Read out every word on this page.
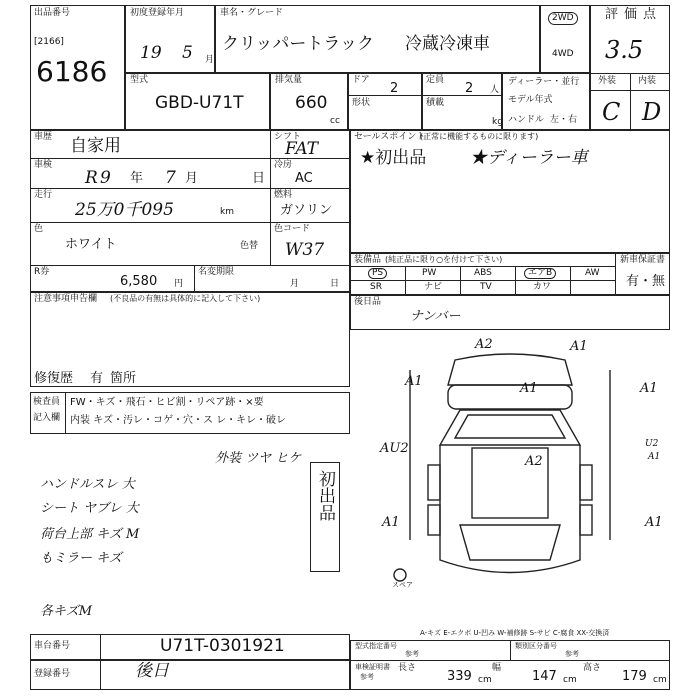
出品番号
[2166]
6186
初度登録年月
19 5 月
車名・グレード
クリッパートラック 冷蔵冷凍車
2WD
4WD
評価点
3.5
外装 内装
C D
型式
GBD-U71T
排気量
660
cc
ドア
2
形状
定員
2 人
積載
kg
ディーラー・並行
モデル年式
ハンドル 左・右
車歴 自家用	シフト
FAT
車検
R 9 年 7 月	日
冷房
AC
走行
25万0千095	km
燃料
ガソリン
色
ホワイト	色替
色コード
W37
R券
6,580 円
名変期限
月	日
注意事項申告欄 (不良品の有無は具体的に記入して下さい)
修復歴 有 箇所
セールスポイント
(正常に機能するものに限ります)
★初出品	★ディーラー車
装備品 (純正品に限り○を付けて下さい)	新車保証書
有・無
PS	PW	ABS	エアB	AW
SR	ナビ	TV	カワ
後日品
ナンバー
検査員
記入欄
FW・キズ・飛石・ヒビ割・リペア跡・×要
内装 キズ・汚レ・コゲ・穴・ス レ・キレ・破レ
外装 ツヤ ヒケ
初出品
ハンドルスレ 大
シート ヤブレ 大
荷台上部 キズ M
もミラー キズ
各キズM
A2	A1
A1	A1	A1
AU2
A2
U2
A1
A1	A1
スペア
A-キズ E-エクボ U-凹み W-補修跡 S-サビ C-腐食 XX-交換済
車台番号	U71T-0301921
登録番号	後日
型式指定番号
参考
類別区分番号
参考
車検証明書
参考
長さ
339 cm
幅
147 cm
高さ
179 cm
